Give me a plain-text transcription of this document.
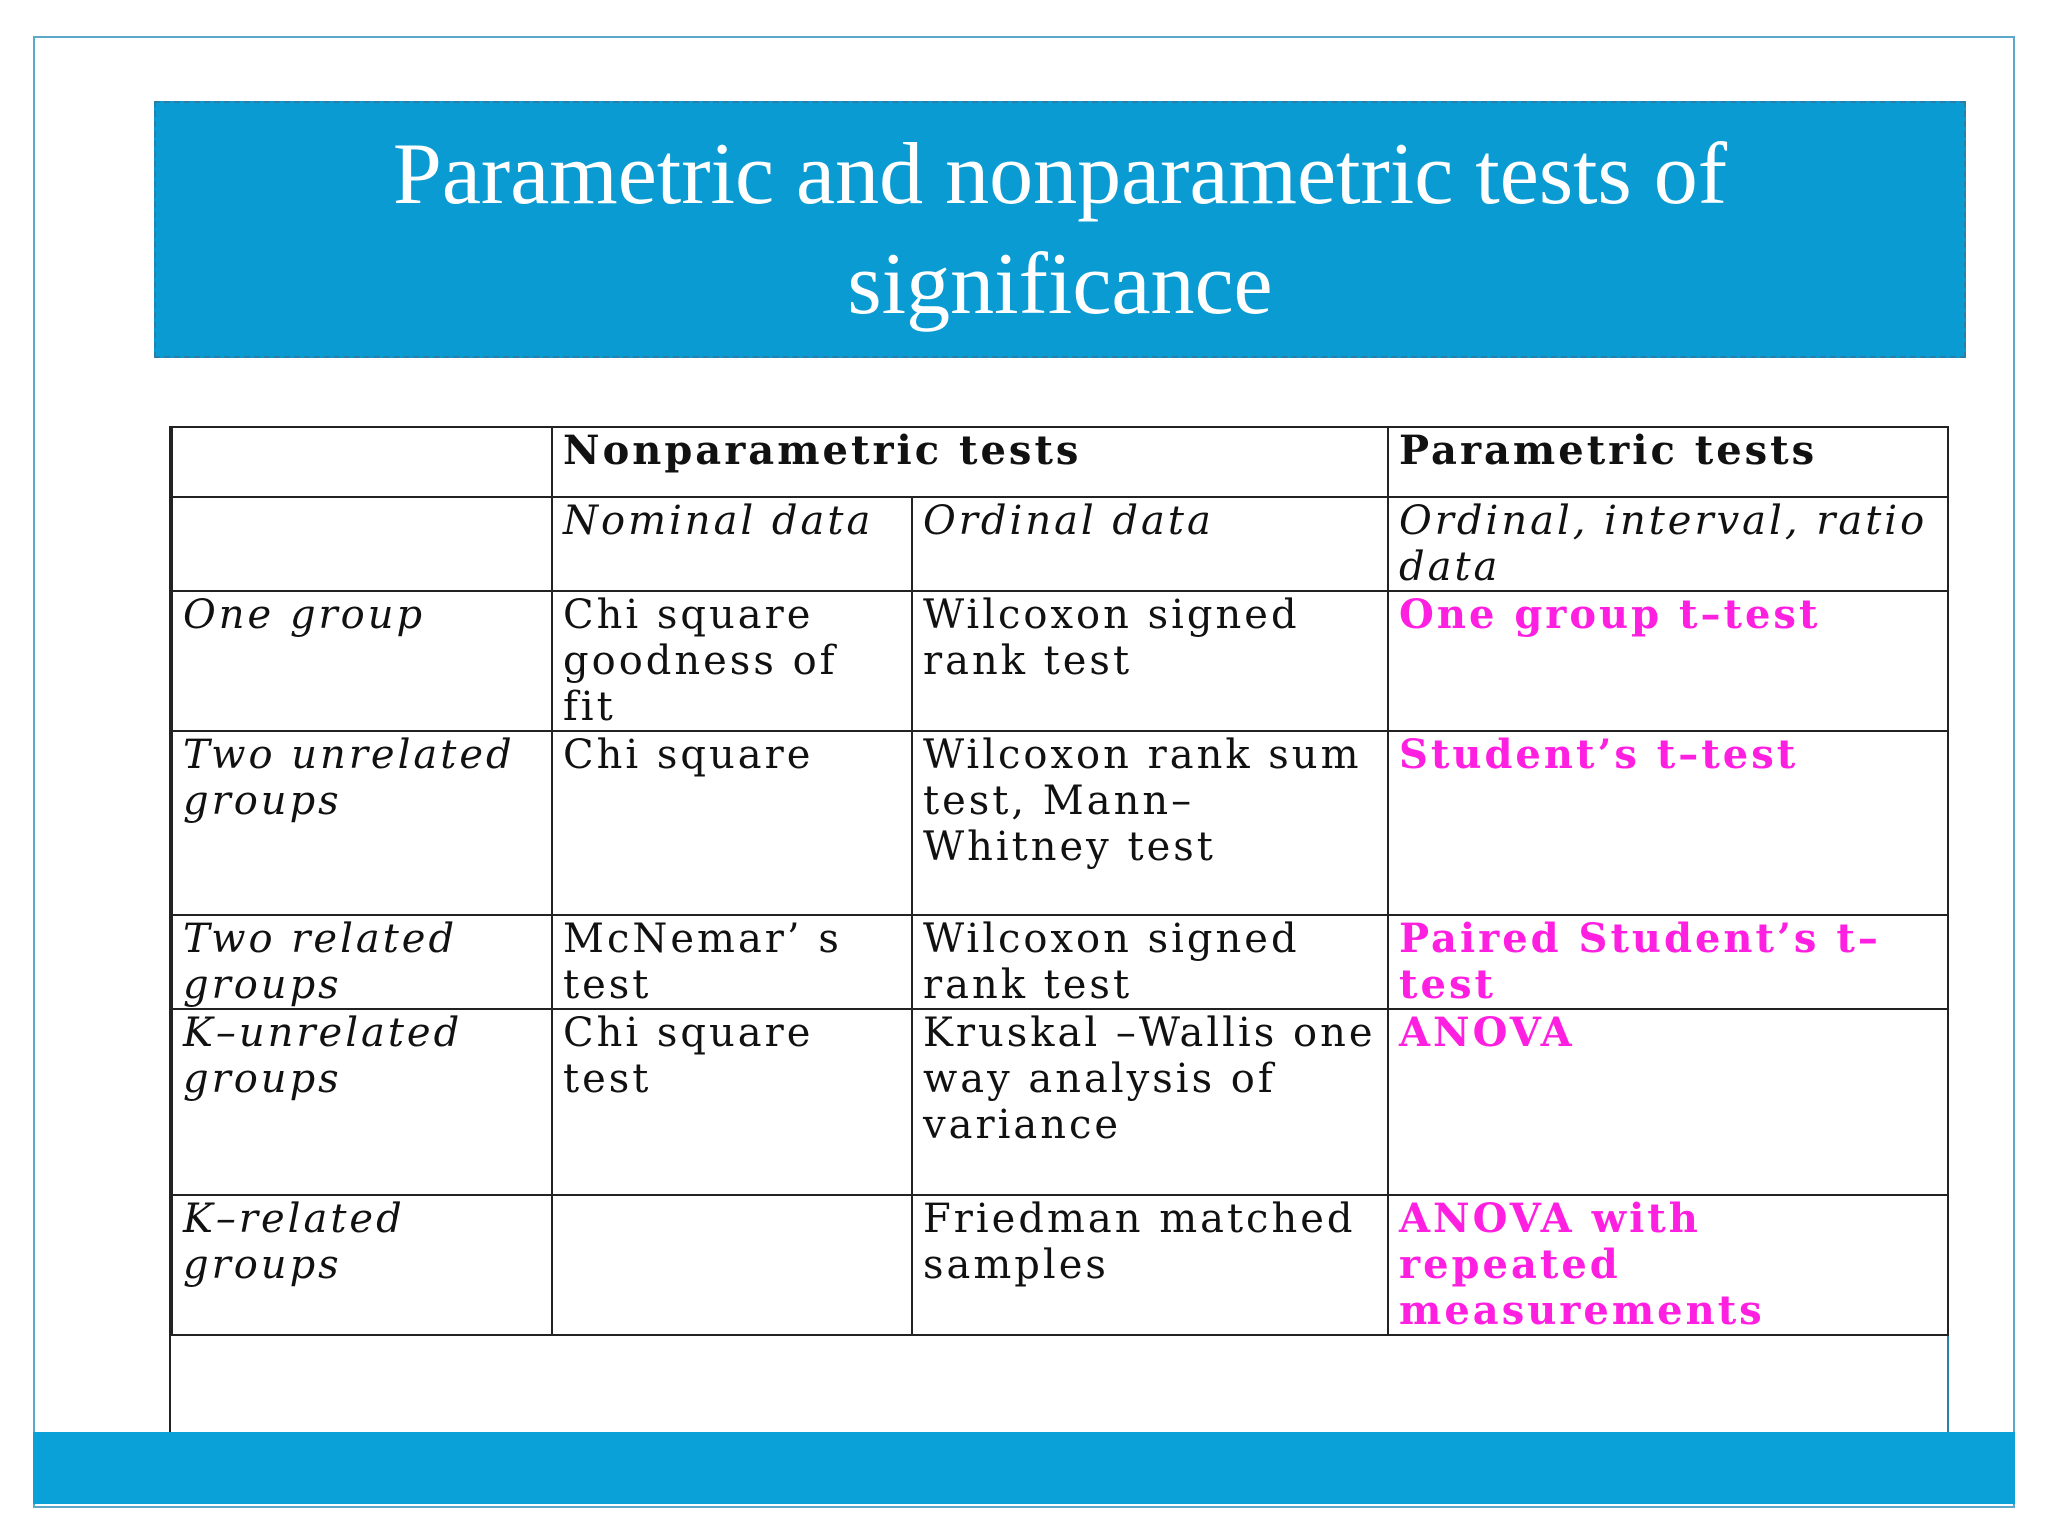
Parametric and nonparametric tests of significance
	Nonparametric tests		Parametric tests
	Nominal data	Ordinal data	Ordinal, interval, ratio data
One group	Chi square goodness of fit	Wilcoxon signed rank test	One group t–test
Two unrelated groups	Chi square	Wilcoxon rank sum test, Mann–Whitney test	Student’s t–test
Two related groups	McNemar’ s test	Wilcoxon signed rank test	Paired Student’s t–test
K–unrelated groups	Chi square test	Kruskal –Wallis one way analysis of variance	ANOVA
K–related groups		Friedman matched samples	ANOVA with repeated measurements
